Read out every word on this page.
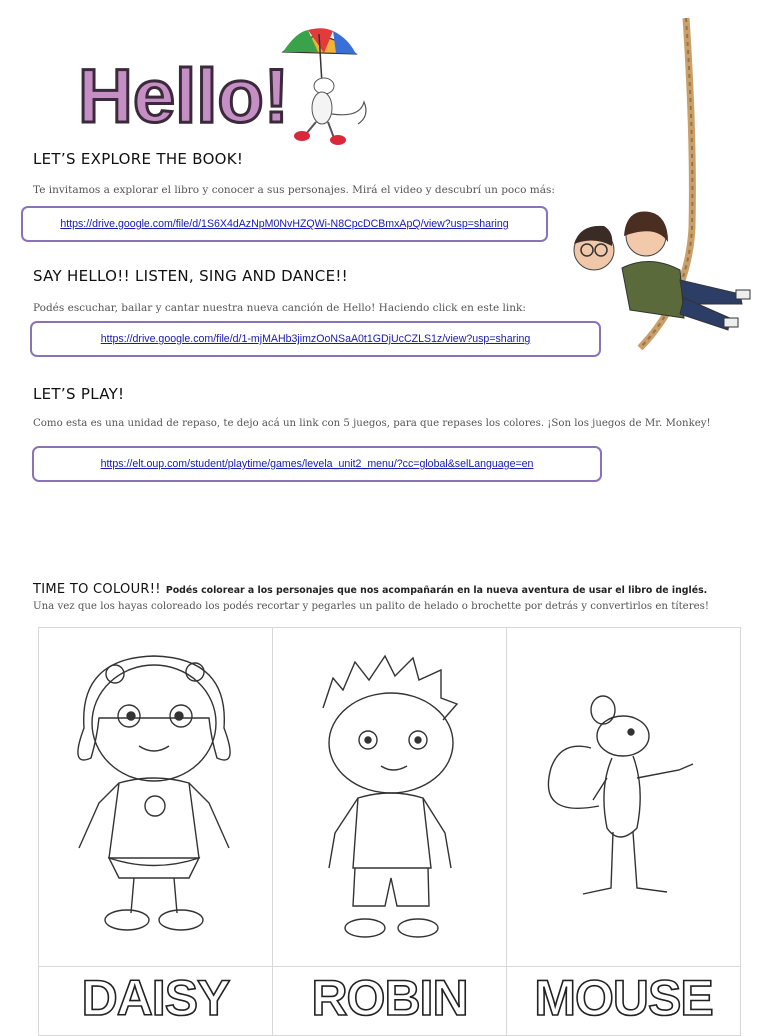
Hello!
LET’S EXPLORE THE BOOK!
Te invitamos a explorar el libro y conocer a sus personajes. Mirá el video y descubrí un poco más:
https://drive.google.com/file/d/1S6X4dAzNpM0NvHZQWi-N8CpcDCBmxApQ/view?usp=sharing
SAY HELLO!! LISTEN, SING AND DANCE!!
Podés escuchar, bailar y cantar nuestra nueva canción de Hello! Haciendo click en este link:
https://drive.google.com/file/d/1-mjMAHb3jimzOoNSaA0t1GDjUcCZLS1z/view?usp=sharing
LET’S PLAY!
Como esta es una unidad de repaso, te dejo acá un link con 5 juegos, para que repases los colores. ¡Son los juegos de Mr. Monkey!
https://elt.oup.com/student/playtime/games/levela_unit2_menu/?cc=global&selLanguage=en
TIME TO COLOUR!! Podés colorear a los personajes que nos acompañarán en la nueva aventura de usar el libro de inglés.
Una vez que los hayas coloreado los podés recortar y pegarles un palito de helado o brochette por detrás y convertirlos en títeres!
DAISY	ROBIN	MOUSE
